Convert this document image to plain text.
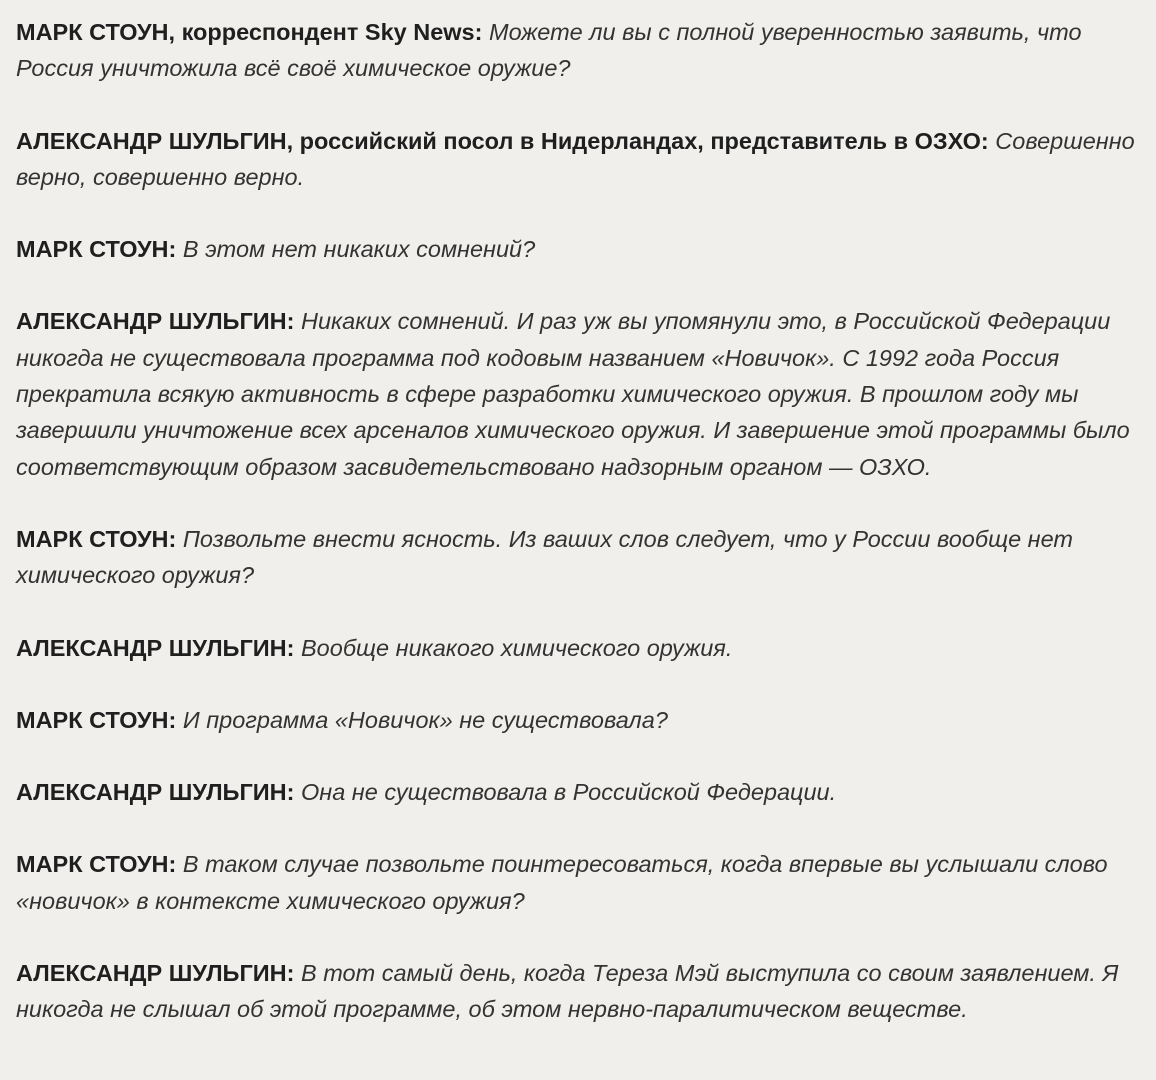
МАРК СТОУН, корреспондент Sky News: Можете ли вы с полной уверенностью заявить, что Россия уничтожила всё своё химическое оружие?

АЛЕКСАНДР ШУЛЬГИН, российский посол в Нидерландах, представитель в ОЗХО: Совершенно верно, совершенно верно.

МАРК СТОУН: В этом нет никаких сомнений?

АЛЕКСАНДР ШУЛЬГИН: Никаких сомнений. И раз уж вы упомянули это, в Российской Федерации никогда не существовала программа под кодовым названием «Новичок». С 1992 года Россия прекратила всякую активность в сфере разработки химического оружия. В прошлом году мы завершили уничтожение всех арсеналов химического оружия. И завершение этой программы было соответствующим образом засвидетельствовано надзорным органом — ОЗХО.

МАРК СТОУН: Позвольте внести ясность. Из ваших слов следует, что у России вообще нет химического оружия?

АЛЕКСАНДР ШУЛЬГИН: Вообще никакого химического оружия.

МАРК СТОУН: И программа «Новичок» не существовала?

АЛЕКСАНДР ШУЛЬГИН: Она не существовала в Российской Федерации.

МАРК СТОУН: В таком случае позвольте поинтересоваться, когда впервые вы услышали слово «новичок» в контексте химического оружия?

АЛЕКСАНДР ШУЛЬГИН: В тот самый день, когда Тереза Мэй выступила со своим заявлением. Я никогда не слышал об этой программе, об этом нервно-паралитическом веществе.
